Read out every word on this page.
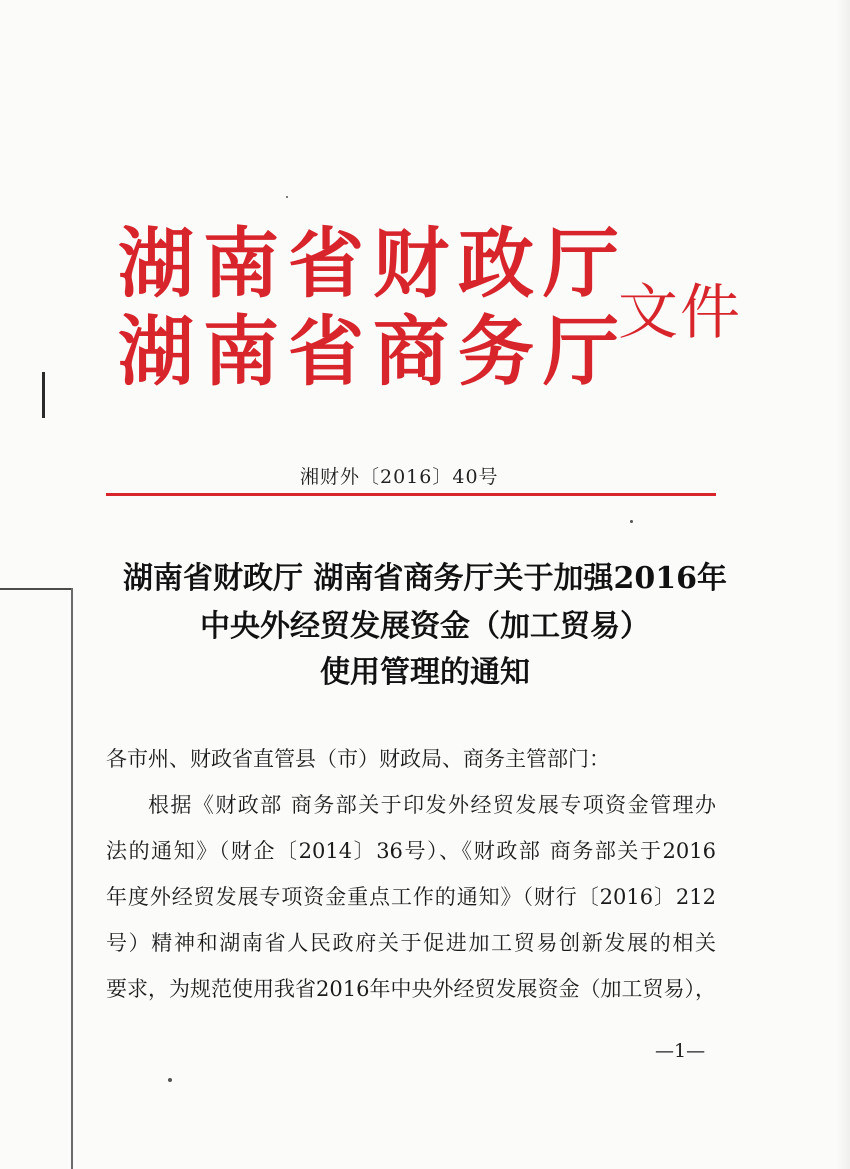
湖南省财政厅
湖南省商务厅
文件
湘财外〔2016〕40号
湖南省财政厅 湖南省商务厅关于加强2016年
中央外经贸发展资金（加工贸易）
使用管理的通知
各市州、财政省直管县（市）财政局、商务主管部门：
根据《财政部 商务部关于印发外经贸发展专项资金管理办
法的通知》（财企〔2014〕36号）、《财政部 商务部关于2016
年度外经贸发展专项资金重点工作的通知》（财行〔2016〕212
号）精神和湖南省人民政府关于促进加工贸易创新发展的相关
要求，为规范使用我省2016年中央外经贸发展资金（加工贸易），
—1—
